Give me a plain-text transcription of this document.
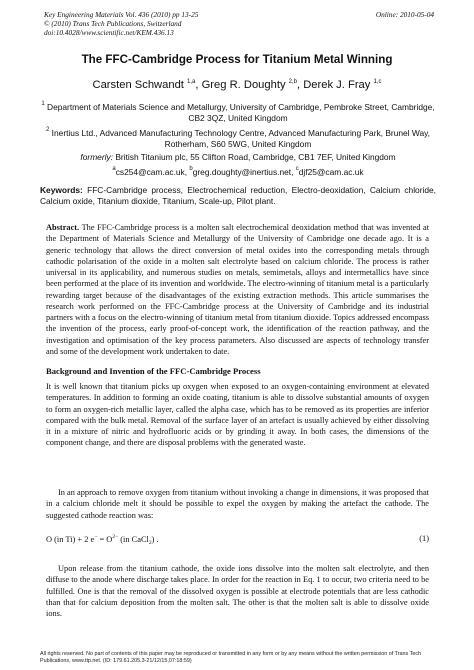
Key Engineering Materials Vol. 436 (2010) pp 13-25
© (2010) Trans Tech Publications, Switzerland
doi:10.4028/www.scientific.net/KEM.436.13
Online: 2010-05-04
The FFC-Cambridge Process for Titanium Metal Winning
Carsten Schwandt $^{1,a}$, Greg R. Doughty $^{2,b}$, Derek J. Fray $^{1,c}$
$^1$ Department of Materials Science and Metallurgy, University of Cambridge, Pembroke Street, Cambridge, CB2 3QZ, United Kingdom
$^2$ Inertius Ltd., Advanced Manufacturing Technology Centre, Advanced Manufacturing Park, Brunel Way, Rotherham, S60 5WG, United Kingdom
formerly: British Titanium plc, 55 Clifton Road, Cambridge, CB1 7EF, United Kingdom
$^a$cs254@cam.ac.uk, $^b$greg.doughty@inertius.net, $^c$djf25@cam.ac.uk
Keywords: FFC-Cambridge process, Electrochemical reduction, Electro-deoxidation, Calcium chloride, Calcium oxide, Titanium dioxide, Titanium, Scale-up, Pilot plant.
Abstract. The FFC-Cambridge process is a molten salt electrochemical deoxidation method that was invented at the Department of Materials Science and Metallurgy of the University of Cambridge one decade ago. It is a generic technology that allows the direct conversion of metal oxides into the corresponding metals through cathodic polarisation of the oxide in a molten salt electrolyte based on calcium chloride. The process is rather universal in its applicability, and numerous studies on metals, semimetals, alloys and intermetallics have since been performed at the place of its invention and worldwide. The electro-winning of titanium metal is a particularly rewarding target because of the disadvantages of the existing extraction methods. This article summarises the research work performed on the FFC-Cambridge process at the University of Cambridge and its industrial partners with a focus on the electro-winning of titanium metal from titanium dioxide. Topics addressed encompass the invention of the process, early proof-of-concept work, the identification of the reaction pathway, and the investigation and optimisation of the key process parameters. Also discussed are aspects of technology transfer and some of the development work undertaken to date.
Background and Invention of the FFC-Cambridge Process
It is well known that titanium picks up oxygen when exposed to an oxygen-containing environment at elevated temperatures. In addition to forming an oxide coating, titanium is able to dissolve substantial amounts of oxygen to form an oxygen-rich metallic layer, called the alpha case, which has to be removed as its properties are inferior compared with the bulk metal. Removal of the surface layer of an artefact is usually achieved by either dissolving it in a mixture of nitric and hydrofluoric acids or by grinding it away. In both cases, the dimensions of the component change, and there are disposal problems with the generated waste.
In an approach to remove oxygen from titanium without invoking a change in dimensions, it was proposed that in a calcium chloride melt it should be possible to expel the oxygen by making the artefact the cathode. The suggested cathode reaction was:
O (in Ti) + 2 $e^- = O^{2-}$ (in CaCl$_2$) .	(1)
Upon release from the titanium cathode, the oxide ions dissolve into the molten salt electrolyte, and then diffuse to the anode where discharge takes place. In order for the reaction in Eq. 1 to occur, two criteria need to be fulfilled. One is that the removal of the dissolved oxygen is possible at electrode potentials that are less cathodic than that for calcium deposition from the molten salt. The other is that the molten salt is able to dissolve oxide ions.
All rights reserved. No part of contents of this paper may be reproduced or transmitted in any form or by any means without the written permission of Trans Tech Publications, www.ttp.net. (ID: 179.61.205.3-21/12/15,07:18:59)
